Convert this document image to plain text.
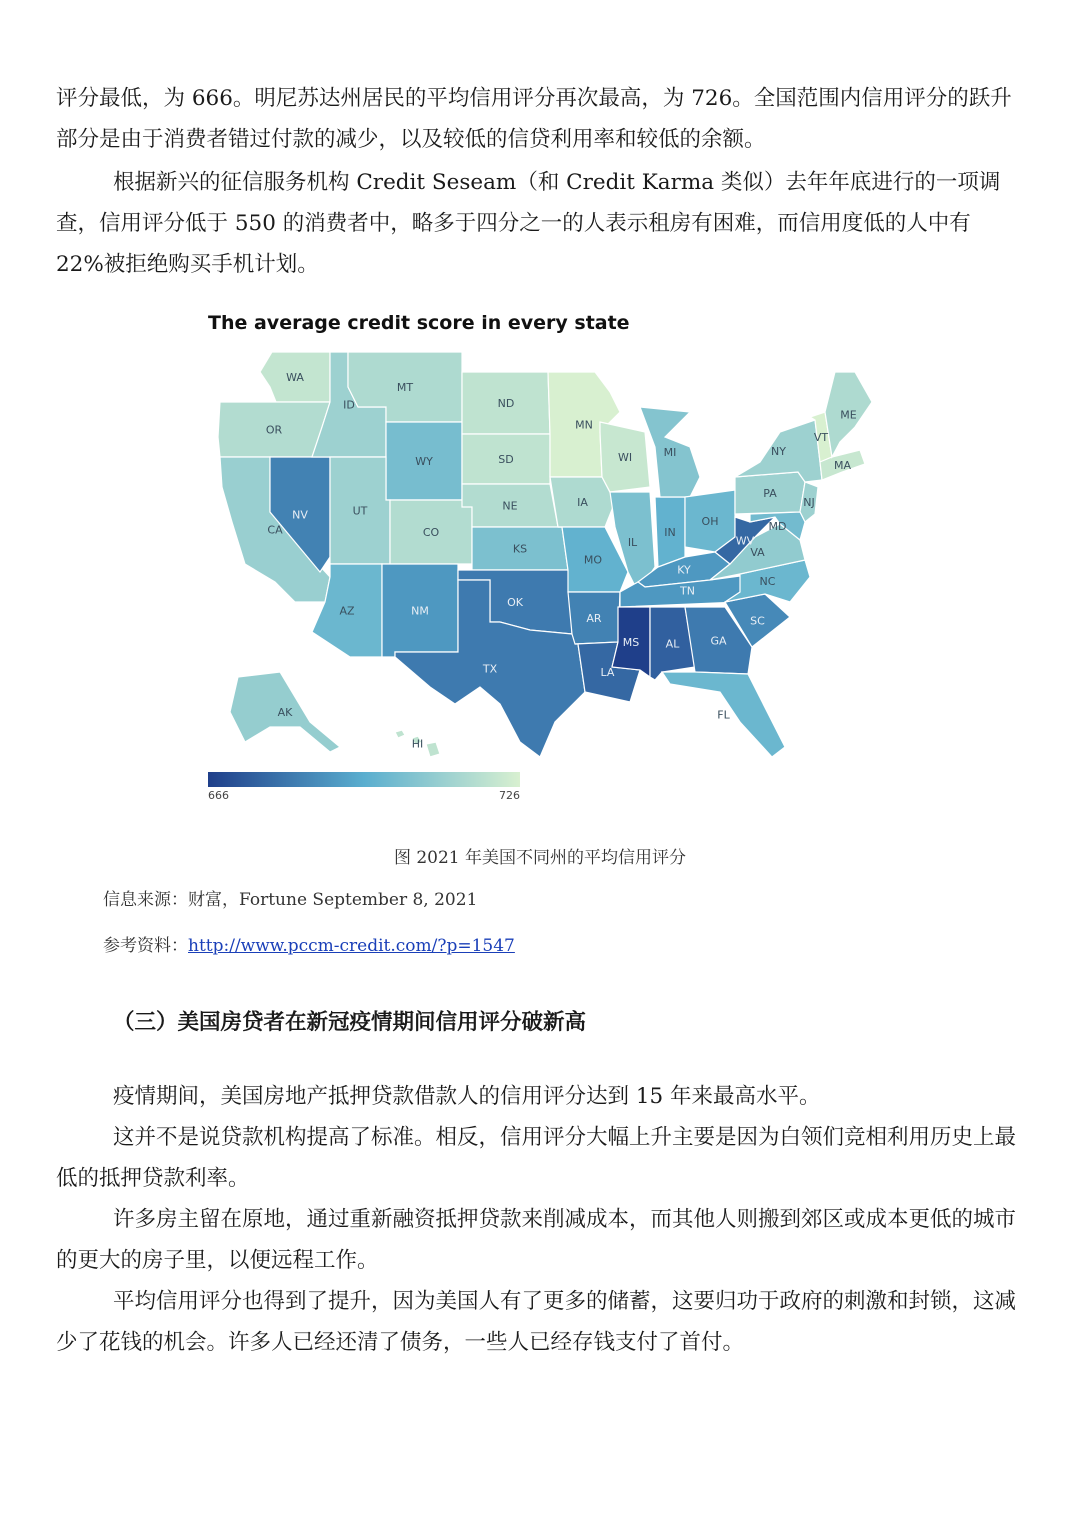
评分最低，为 666。明尼苏达州居民的平均信用评分再次最高，为 726。全国范围内信用评分的跃升部分是由于消费者错过付款的减少，以及较低的信贷利用率和较低的余额。

根据新兴的征信服务机构 Credit Seseam（和 Credit Karma 类似）去年年底进行的一项调查，信用评分低于 550 的消费者中，略多于四分之一的人表示租房有困难，而信用度低的人中有 22%被拒绝购买手机计划。

The average credit score in every state
WA
OR
CA
NV
ID
MT
WY
UT
CO
AZ	NM
ND
SD
NE
KS
OK
TX
MN
IA
MO
AR
LA
WI
IL
IN
MI
OH
KY
TN
MS AL	GA
FL
SC
NC
VA
WV
PA
NY
NJ
MD
VT
MA
ME
AK
HI
666	726
图 2021 年美国不同州的平均信用评分
信息来源：财富，Fortune September 8, 2021
参考资料：http://www.pccm-credit.com/?p=1547
（三）美国房贷者在新冠疫情期间信用评分破新高

疫情期间，美国房地产抵押贷款借款人的信用评分达到 15 年来最高水平。

这并不是说贷款机构提高了标准。相反，信用评分大幅上升主要是因为白领们竞相利用历史上最低的抵押贷款利率。

许多房主留在原地，通过重新融资抵押贷款来削减成本，而其他人则搬到郊区或成本更低的城市的更大的房子里，以便远程工作。

平均信用评分也得到了提升，因为美国人有了更多的储蓄，这要归功于政府的刺激和封锁，这减少了花钱的机会。许多人已经还清了债务，一些人已经存钱支付了首付。
